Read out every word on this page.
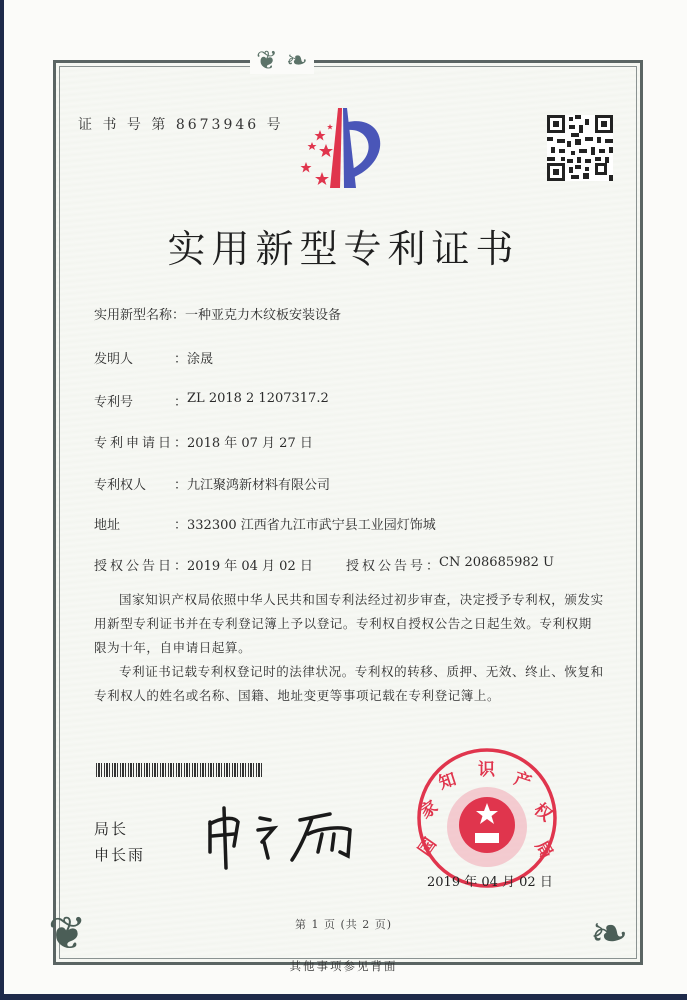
❦ ❧
❦	❧
证 书 号 第 8673946 号
实用新型专利证书
实用新型名称 ： 一种亚克力木纹板安装设备
发明人	： 涂晟
专利号	： ZL 2018 2 1207317.2
专利申请日 ： 2018 年 07 月 27 日
专利权人	： 九江聚鸿新材料有限公司
地址	： 332300 江西省九江市武宁县工业园灯饰城
授权公告日 ： 2019 年 04 月 02 日	授权公告号 ： CN 208685982 U
国家知识产权局依照中华人民共和国专利法经过初步审查，决定授予专利权，颁发实用新型专利证书并在专利登记簿上予以登记。专利权自授权公告之日起生效。专利权期限为十年，自申请日起算。
专利证书记载专利权登记时的法律状况。专利权的转移、质押、无效、终止、恢复和专利权人的姓名或名称、国籍、地址变更等事项记载在专利登记簿上。
局长
申长雨	国
家
知 识 产
权
局
2019 年 04 月 02 日
第 1 页 (共 2 页)
其他事项参见背面
